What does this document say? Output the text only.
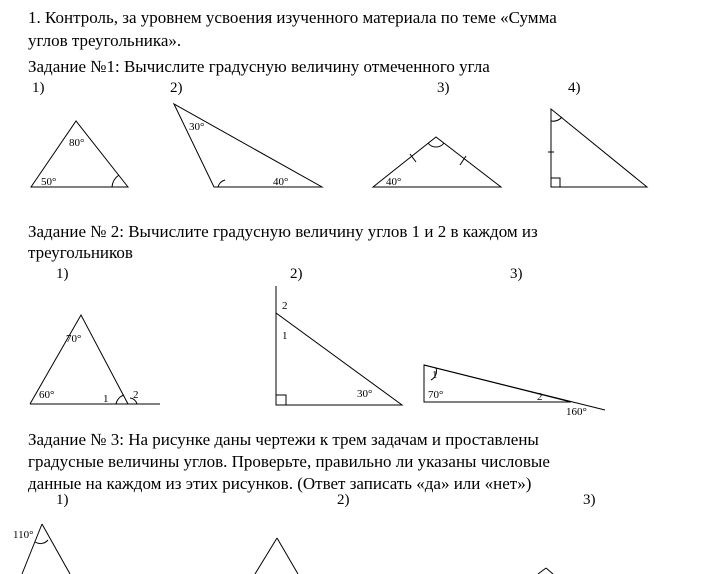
1. Контроль, за уровнем усвоения изученного материала по теме «Сумма
углов треугольника».
Задание №1: Вычислите градусную величину отмеченного угла
1)	2)	3)	4)
Задание № 2: Вычислите градусную величину углов 1 и 2 в каждом из
треугольников
1)	2)	3)
Задание № 3: На рисунке даны чертежи к трем задачам и проставлены
градусные величины углов. Проверьте, правильно ли указаны числовые
данные на каждом из этих рисунков. (Ответ записать «да» или «нет»)
1)	2)	3)
80°
50°
30°
40°	40°
70°
60°	1 2
2
1
30°
1
70°	2
160°
110°
